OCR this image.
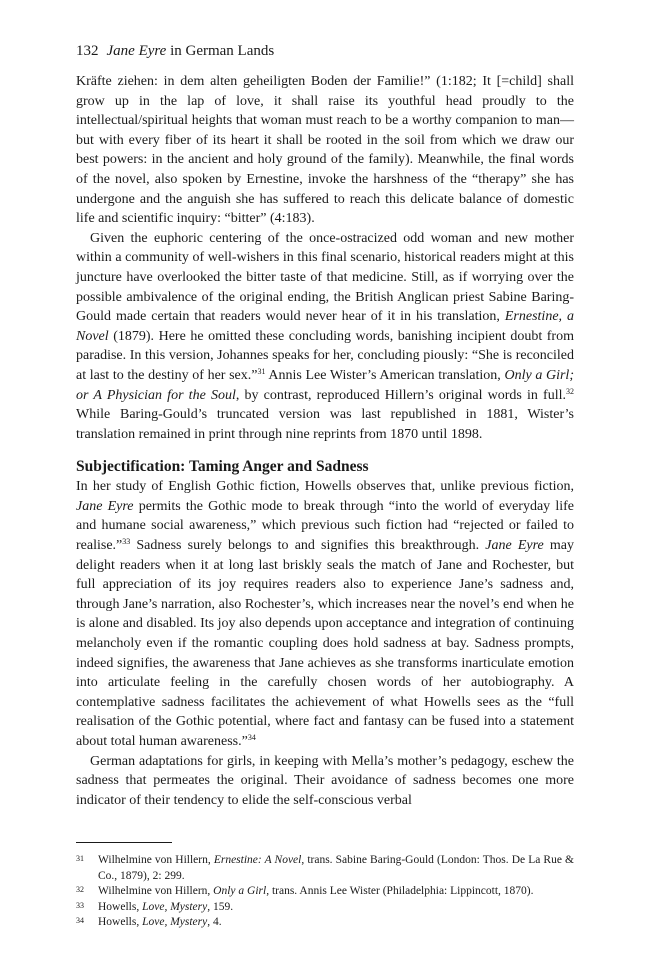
132 Jane Eyre in German Lands

Kräfte ziehen: in dem alten geheiligten Boden der Familie!” (1:182; It [=child] shall grow up in the lap of love, it shall raise its youthful head proudly to the intellectual/spiritual heights that woman must reach to be a worthy companion to man—but with every fiber of its heart it shall be rooted in the soil from which we draw our best powers: in the ancient and holy ground of the family). Meanwhile, the final words of the novel, also spoken by Ernestine, invoke the harshness of the “therapy” she has undergone and the anguish she has suffered to reach this delicate balance of domestic life and scientific inquiry: “bitter” (4:183).

Given the euphoric centering of the once-ostracized odd woman and new mother within a community of well-wishers in this final scenario, historical readers might at this juncture have overlooked the bitter taste of that medicine. Still, as if worrying over the possible ambivalence of the original ending, the British Anglican priest Sabine Baring-Gould made certain that readers would never hear of it in his translation, Ernestine, a Novel (1879). Here he omitted these concluding words, banishing incipient doubt from paradise. In this version, Johannes speaks for her, concluding piously: “She is reconciled at last to the destiny of her sex.”$^{31}$ Annis Lee Wister’s American translation, Only a Girl; or A Physician for the Soul, by contrast, reproduced Hillern’s original words in full.$^{32}$ While Baring-Gould’s truncated version was last republished in 1881, Wister’s translation remained in print through nine reprints from 1870 until 1898.

Subjectification: Taming Anger and Sadness

In her study of English Gothic fiction, Howells observes that, unlike previous fiction, Jane Eyre permits the Gothic mode to break through “into the world of everyday life and humane social awareness,” which previous such fiction had “rejected or failed to realise.”$^{33}$ Sadness surely belongs to and signifies this breakthrough. Jane Eyre may delight readers when it at long last briskly seals the match of Jane and Rochester, but full appreciation of its joy requires readers also to experience Jane’s sadness and, through Jane’s narration, also Rochester’s, which increases near the novel’s end when he is alone and disabled. Its joy also depends upon acceptance and integration of continuing melancholy even if the romantic coupling does hold sadness at bay. Sadness prompts, indeed signifies, the awareness that Jane achieves as she transforms inarticulate emotion into articulate feeling in the carefully chosen words of her autobiography. A contemplative sadness facilitates the achievement of what Howells sees as the “full realisation of the Gothic potential, where fact and fantasy can be fused into a statement about total human awareness.”$^{34}$

German adaptations for girls, in keeping with Mella’s mother’s pedagogy, eschew the sadness that permeates the original. Their avoidance of sadness becomes one more indicator of their tendency to elide the self-conscious verbal

31	Wilhelmine von Hillern, Ernestine: A Novel, trans. Sabine Baring-Gould (London: Thos. De La Rue & Co., 1879), 2: 299.
32	Wilhelmine von Hillern, Only a Girl, trans. Annis Lee Wister (Philadelphia: Lippincott, 1870).
33	Howells, Love, Mystery, 159.
34	Howells, Love, Mystery, 4.
